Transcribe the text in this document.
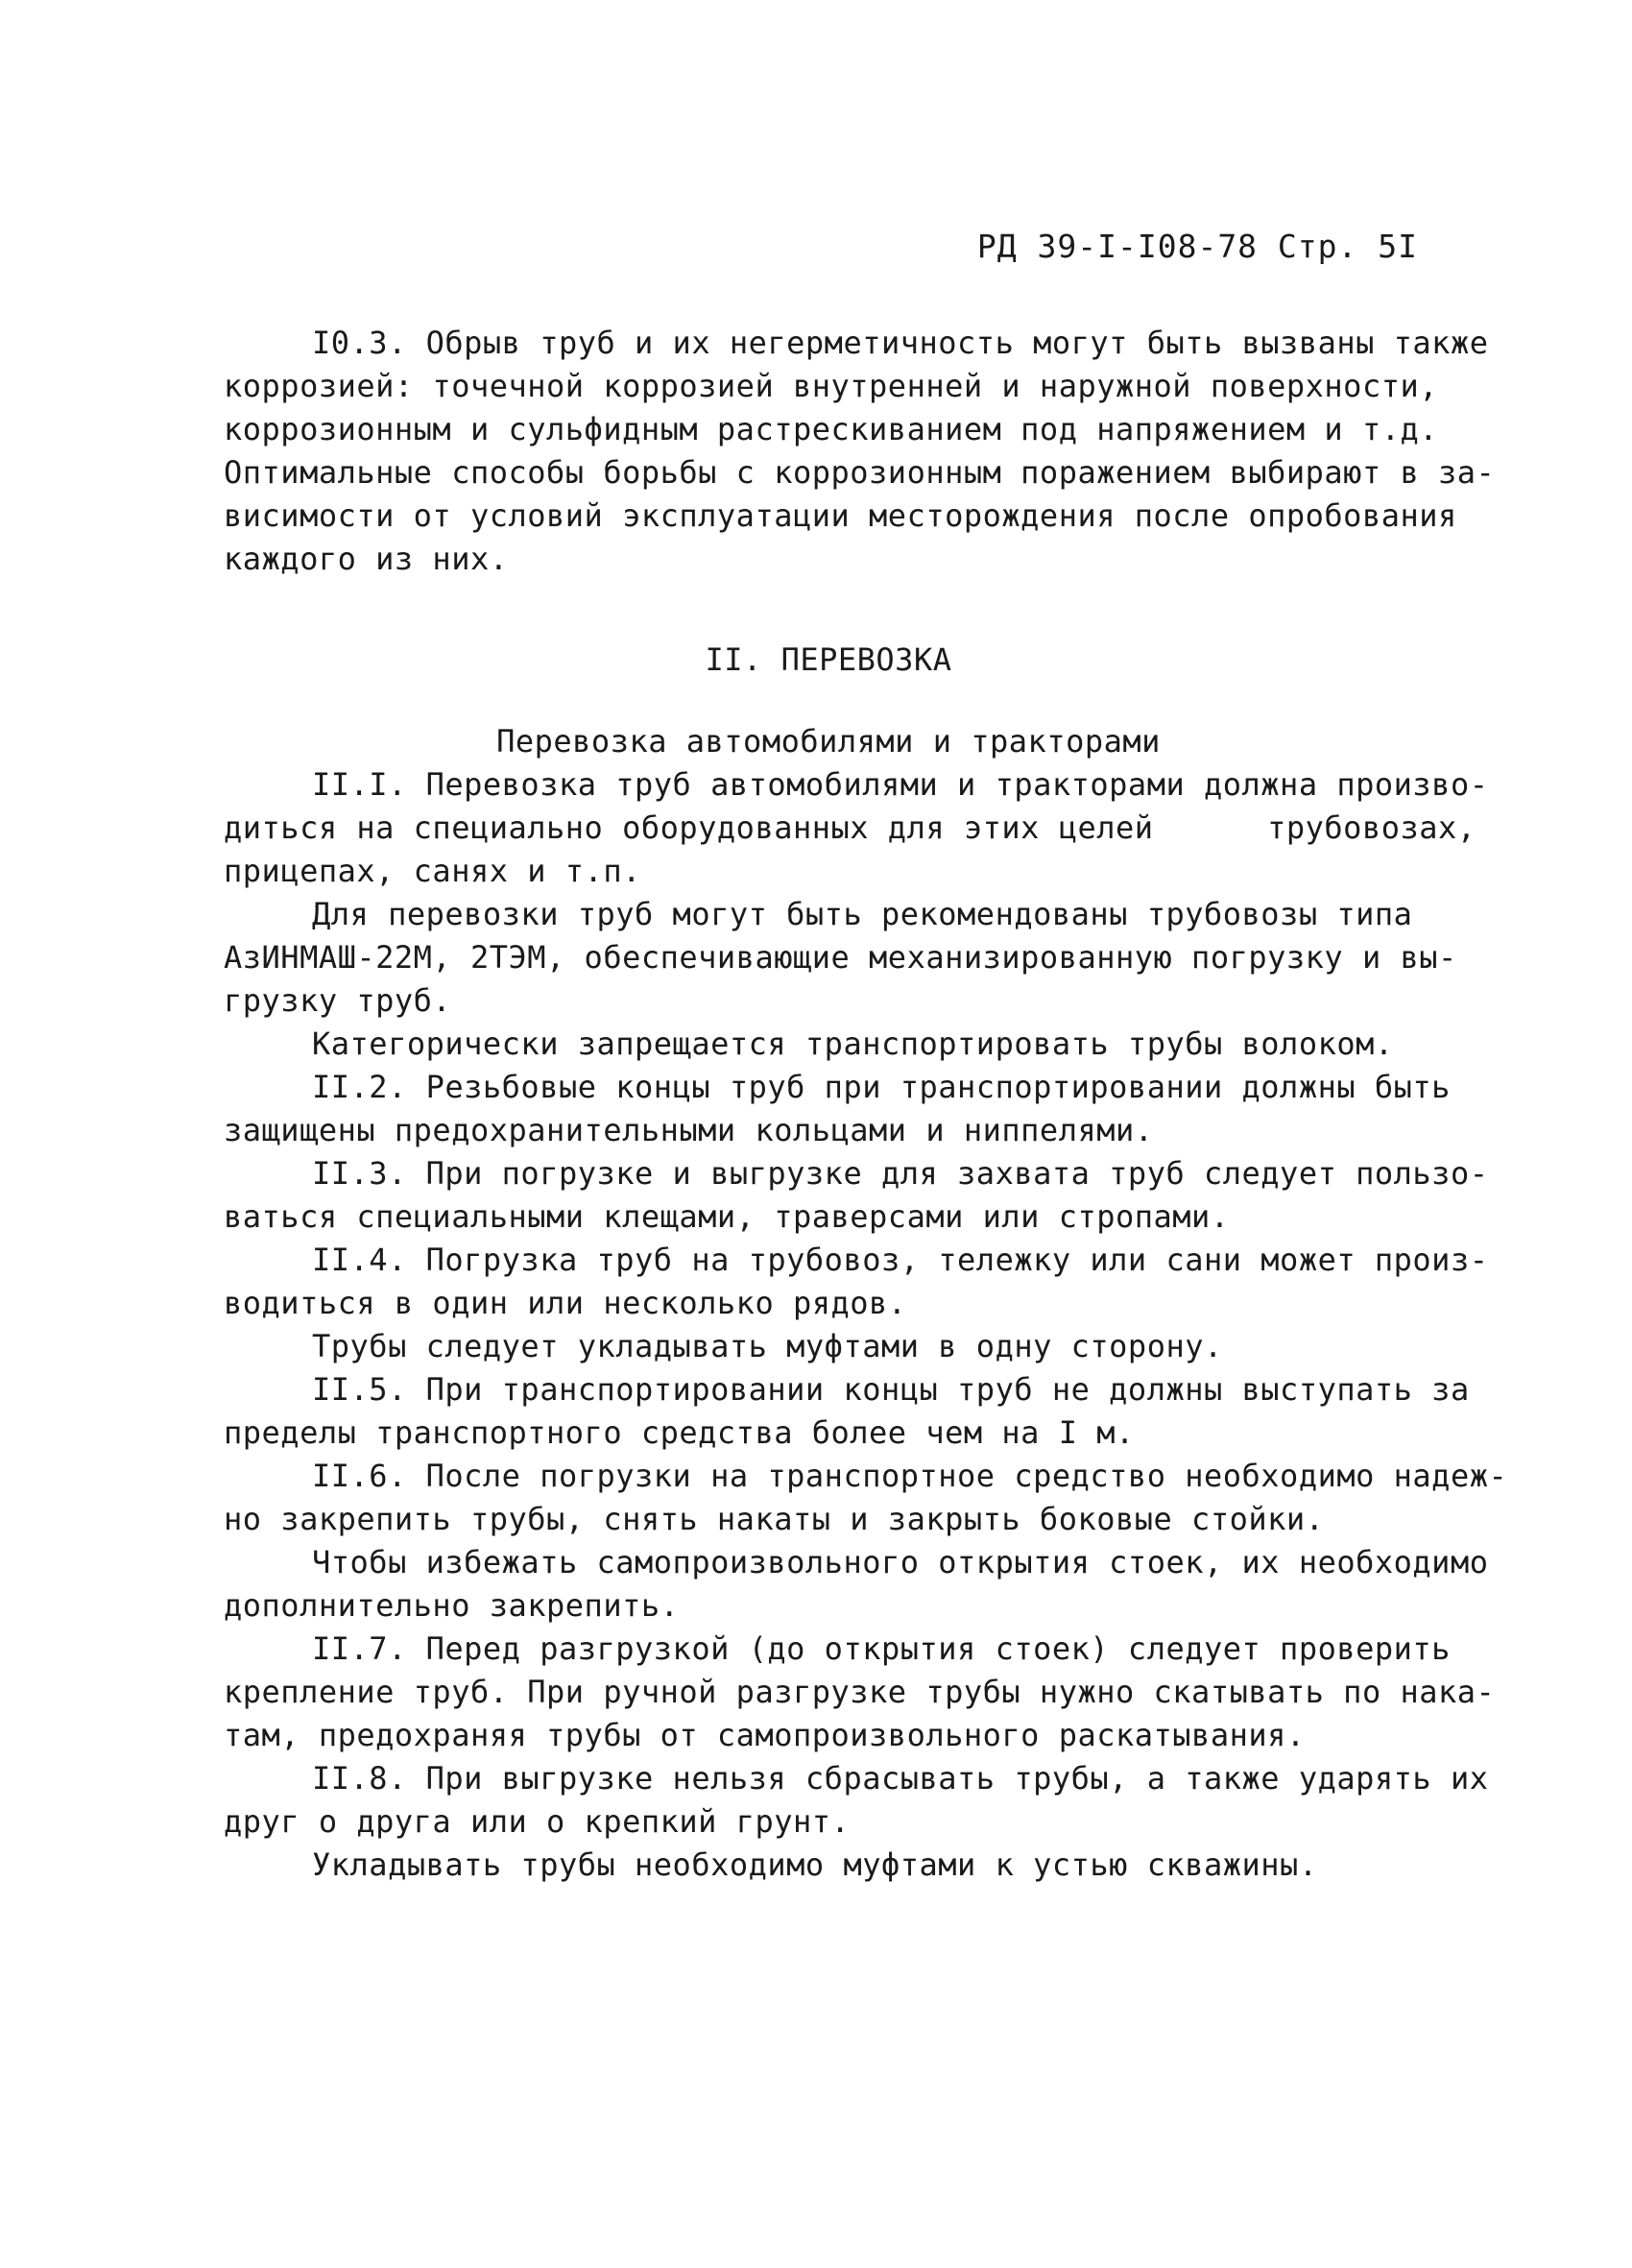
РД 39-I-I08-78 Стр. 5I
I0.3. Обрыв труб и их негерметичность могут быть вызваны также
коррозией: точечной коррозией внутренней и наружной поверхности,
коррозионным и сульфидным растрескиванием под напряжением и т.д.
Оптимальные способы борьбы с коррозионным поражением выбирают в за-
висимости от условий эксплуатации месторождения после опробования
каждого из них.
II. ПЕРЕВОЗКА
Перевозка автомобилями и тракторами
II.I. Перевозка труб автомобилями и тракторами должна произво-
диться на специально оборудованных для этих целей      трубовозах,
прицепах, санях и т.п.
Для перевозки труб могут быть рекомендованы трубовозы типа
АзИНМАШ-22М, 2ТЭМ, обеспечивающие механизированную погрузку и вы-
грузку труб.
Категорически запрещается транспортировать трубы волоком.
II.2. Резьбовые концы труб при транспортировании должны быть
защищены предохранительными кольцами и ниппелями.
II.3. При погрузке и выгрузке для захвата труб следует пользо-
ваться специальными клещами, траверсами или стропами.
II.4. Погрузка труб на трубовоз, тележку или сани может произ-
водиться в один или несколько рядов.
Трубы следует укладывать муфтами в одну сторону.
II.5. При транспортировании концы труб не должны выступать за
пределы транспортного средства более чем на I м.
II.6. После погрузки на транспортное средство необходимо надеж-
но закрепить трубы, снять накаты и закрыть боковые стойки.
Чтобы избежать самопроизвольного открытия стоек, их необходимо
дополнительно закрепить.
II.7. Перед разгрузкой (до открытия стоек) следует проверить
крепление труб. При ручной разгрузке трубы нужно скатывать по нака-
там, предохраняя трубы от самопроизвольного раскатывания.
II.8. При выгрузке нельзя сбрасывать трубы, а также ударять их
друг о друга или о крепкий грунт.
Укладывать трубы необходимо муфтами к устью скважины.
